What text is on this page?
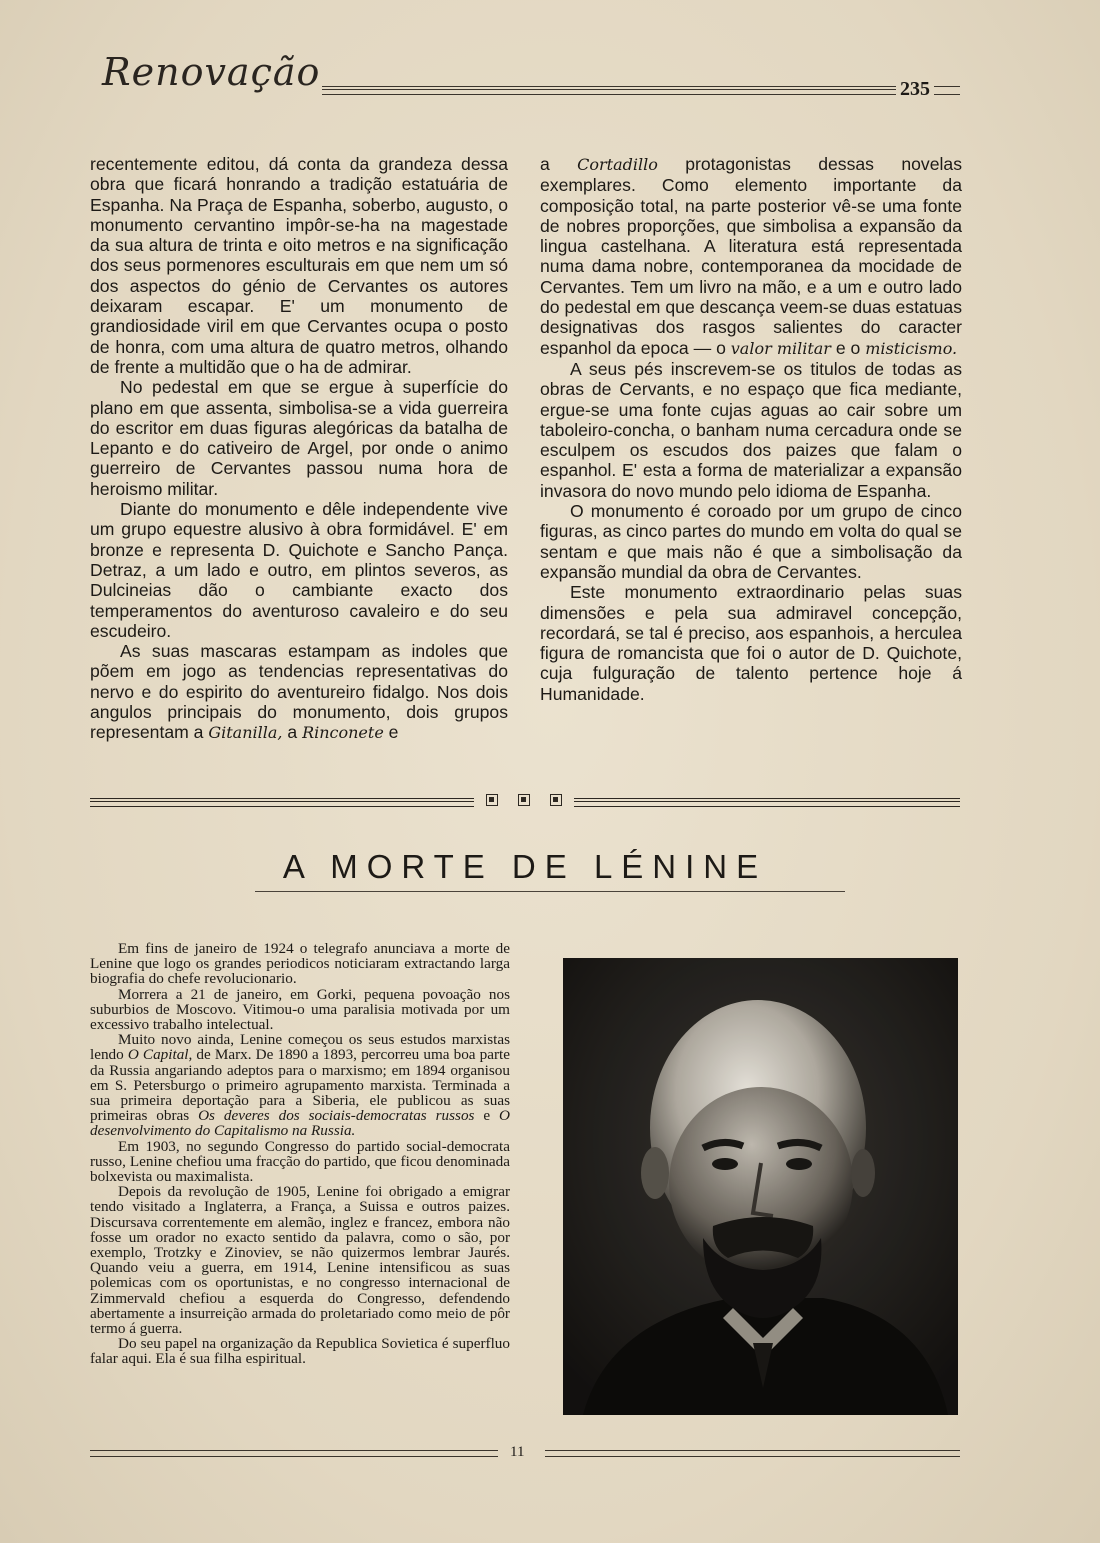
Renovação	235

recentemente editou, dá conta da grandeza dessa obra que ficará honrando a tradição estatuária de Espanha. Na Praça de Espanha, soberbo, augusto, o monumento cervantino impôr-se-ha na magestade da sua altura de trinta e oito metros e na significação dos seus pormenores esculturais em que nem um só dos aspectos do génio de Cervantes os autores deixaram escapar. E' um monumento de grandiosidade viril em que Cervantes ocupa o posto de honra, com uma altura de quatro metros, olhando de frente a multidão que o ha de admirar.

No pedestal em que se ergue à superfície do plano em que assenta, simbolisa-se a vida guerreira do escritor em duas figuras alegóricas da batalha de Lepanto e do cativeiro de Argel, por onde o animo guerreiro de Cervantes passou numa hora de heroismo militar.

Diante do monumento e dêle independente vive um grupo equestre alusivo à obra formidável. E' em bronze e representa D. Quichote e Sancho Pança. Detraz, a um lado e outro, em plintos severos, as Dulcineias dão o cambiante exacto dos temperamentos do aventuroso cavaleiro e do seu escudeiro.

As suas mascaras estampam as indoles que põem em jogo as tendencias representativas do nervo e do espirito do aventureiro fidalgo. Nos dois angulos principais do monumento, dois grupos representam a Gitanilla, a Rinconete e

a Cortadillo protagonistas dessas novelas exemplares. Como elemento importante da composição total, na parte posterior vê-se uma fonte de nobres proporções, que simbolisa a expansão da lingua castelhana. A literatura está representada numa dama nobre, contemporanea da mocidade de Cervantes. Tem um livro na mão, e a um e outro lado do pedestal em que descança veem-se duas estatuas designativas dos rasgos salientes do caracter espanhol da epoca — o valor militar e o misticismo.

A seus pés inscrevem-se os titulos de todas as obras de Cervants, e no espaço que fica mediante, ergue-se uma fonte cujas aguas ao cair sobre um taboleiro-concha, o banham numa cercadura onde se esculpem os escudos dos paizes que falam o espanhol. E' esta a forma de materializar a expansão invasora do novo mundo pelo idioma de Espanha.

O monumento é coroado por um grupo de cinco figuras, as cinco partes do mundo em volta do qual se sentam e que mais não é que a simbolisação da expansão mundial da obra de Cervantes.

Este monumento extraordinario pelas suas dimensões e pela sua admiravel concepção, recordará, se tal é preciso, aos espanhois, a herculea figura de romancista que foi o autor de D. Quichote, cuja fulguração de talento pertence hoje á Humanidade.

A MORTE DE LÉNINE

Em fins de janeiro de 1924 o telegrafo anunciava a morte de Lenine que logo os grandes periodicos noticiaram extractando larga biografia do chefe revolucionario.

Morrera a 21 de janeiro, em Gorki, pequena povoação nos suburbios de Moscovo. Vitimou-o uma paralisia motivada por um excessivo trabalho intelectual.

Muito novo ainda, Lenine começou os seus estudos marxistas lendo O Capital, de Marx. De 1890 a 1893, percorreu uma boa parte da Russia angariando adeptos para o marxismo; em 1894 organisou em S. Petersburgo o primeiro agrupamento marxista. Terminada a sua primeira deportação para a Siberia, ele publicou as suas primeiras obras Os deveres dos sociais-democratas russos e O desenvolvimento do Capitalismo na Russia.

Em 1903, no segundo Congresso do partido social-democrata russo, Lenine chefiou uma fracção do partido, que ficou denominada bolxevista ou maximalista.

Depois da revolução de 1905, Lenine foi obrigado a emigrar tendo visitado a Inglaterra, a França, a Suissa e outros paizes. Discursava correntemente em alemão, inglez e francez, embora não fosse um orador no exacto sentido da palavra, como o são, por exemplo, Trotzky e Zinoviev, se não quizermos lembrar Jaurés. Quando veiu a guerra, em 1914, Lenine intensificou as suas polemicas com os oportunistas, e no congresso internacional de Zimmervald chefiou a esquerda do Congresso, defendendo abertamente a insurreição armada do proletariado como meio de pôr termo á guerra.

Do seu papel na organização da Republica Sovietica é superfluo falar aqui. Ela é sua filha espiritual.

11
